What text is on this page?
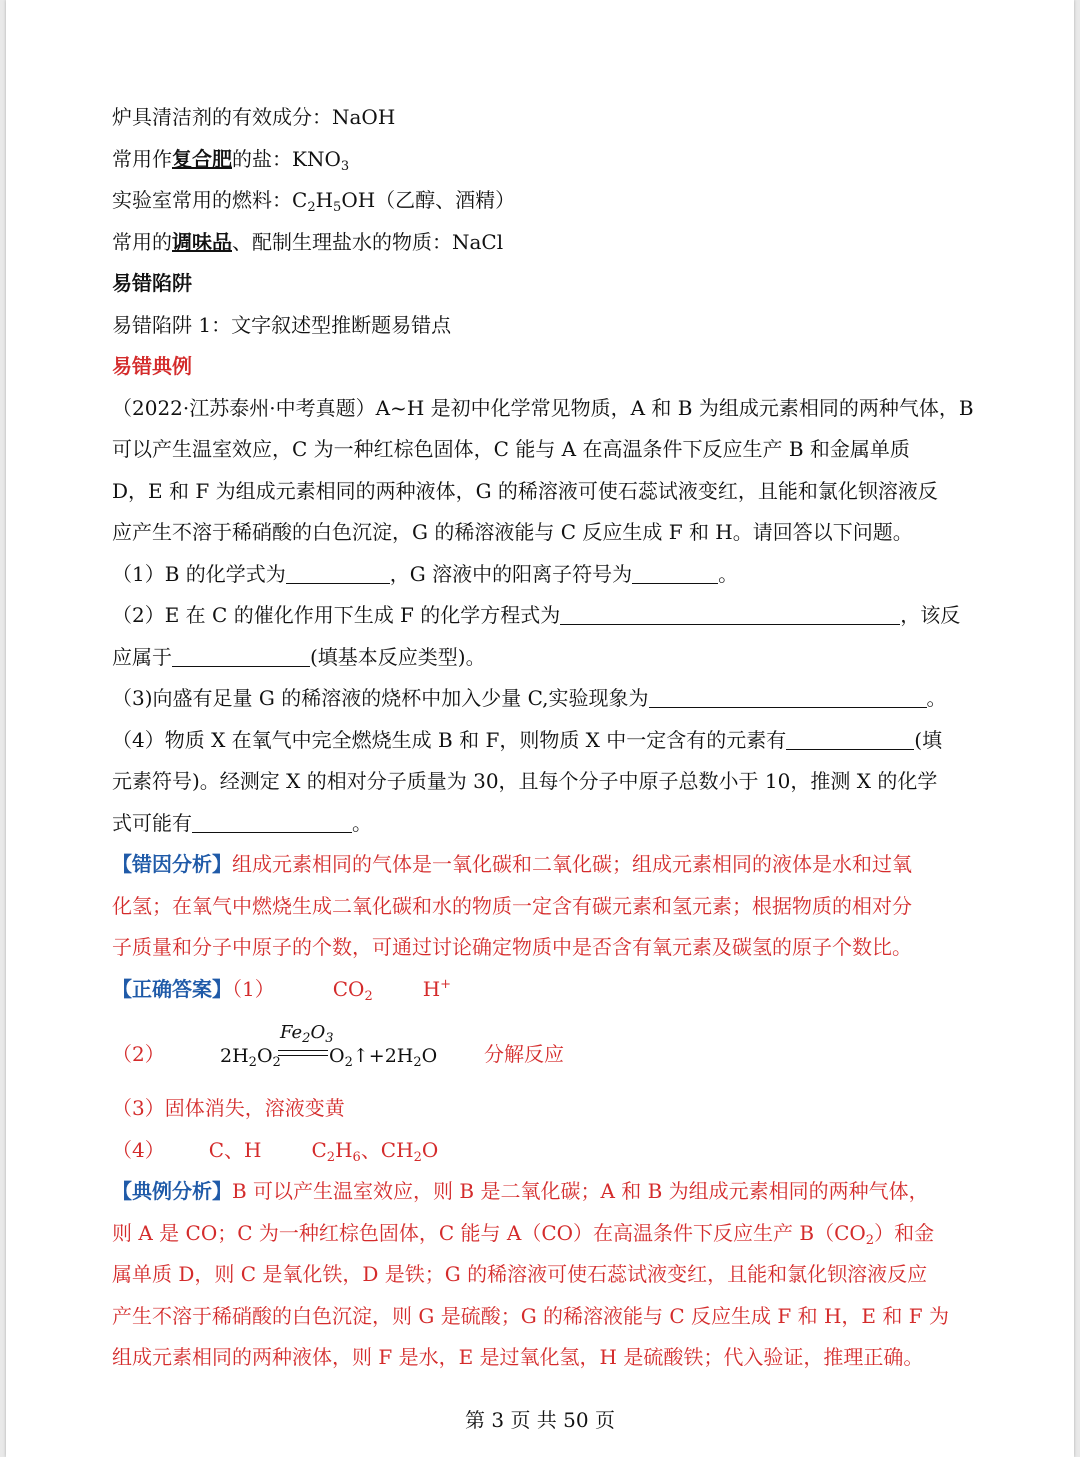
炉具清洁剂的有效成分：NaOH
常用作复合肥的盐：$KNO_3$
实验室常用的燃料：$C_2H_5OH$（乙醇、酒精）
常用的调味品、配制生理盐水的物质：NaCl
易错陷阱
易错陷阱 1：文字叙述型推断题易错点
易错典例
（2022·江苏泰州·中考真题）A~H 是初中化学常见物质，A 和 B 为组成元素相同的两种气体，B
可以产生温室效应，C 为一种红棕色固体，C 能与 A 在高温条件下反应生产 B 和金属单质
D，E 和 F 为组成元素相同的两种液体，G 的稀溶液可使石蕊试液变红，且能和氯化钡溶液反
应产生不溶于稀硝酸的白色沉淀，G 的稀溶液能与 C 反应生成 F 和 H。请回答以下问题。
（1）B 的化学式为	，G 溶液中的阳离子符号为	。
（2）E 在 C 的催化作用下生成 F 的化学方程式为	，该反
应属于	(填基本反应类型)。
（3)向盛有足量 G 的稀溶液的烧杯中加入少量 C,实验现象为	。
（4）物质 X 在氧气中完全燃烧生成 B 和 F，则物质 X 中一定含有的元素有	(填
元素符号)。经测定 X 的相对分子质量为 30，且每个分子中原子总数小于 10，推测 X 的化学
式可能有	。
【错因分析】组成元素相同的气体是一氧化碳和二氧化碳；组成元素相同的液体是水和过氧
化氢；在氧气中燃烧生成二氧化碳和水的物质一定含有碳元素和氢元素；根据物质的相对分
子质量和分子中原子的个数，可通过讨论确定物质中是否含有氧元素及碳氢的原子个数比。
【正确答案】（1）	$CO_2$	H+
（2）	$2H_2O_2$
$Fe_2O_3$
$O_2↑+2H_2O$ 分解反应
（3）固体消失，溶液变黄
（4） C、H	$C_2H_6$、$CH_2O$
【典例分析】B 可以产生温室效应，则 B 是二氧化碳；A 和 B 为组成元素相同的两种气体，
则 A 是 CO；C 为一种红棕色固体，C 能与 A（CO）在高温条件下反应生产 $B(CO_2)$和金
属单质 D，则 C 是氧化铁，D 是铁；G 的稀溶液可使石蕊试液变红，且能和氯化钡溶液反应
产生不溶于稀硝酸的白色沉淀，则 G 是硫酸；G 的稀溶液能与 C 反应生成 F 和 H，E 和 F 为
组成元素相同的两种液体，则 F 是水，E 是过氧化氢，H 是硫酸铁；代入验证，推理正确。
第 3 页 共 50 页
